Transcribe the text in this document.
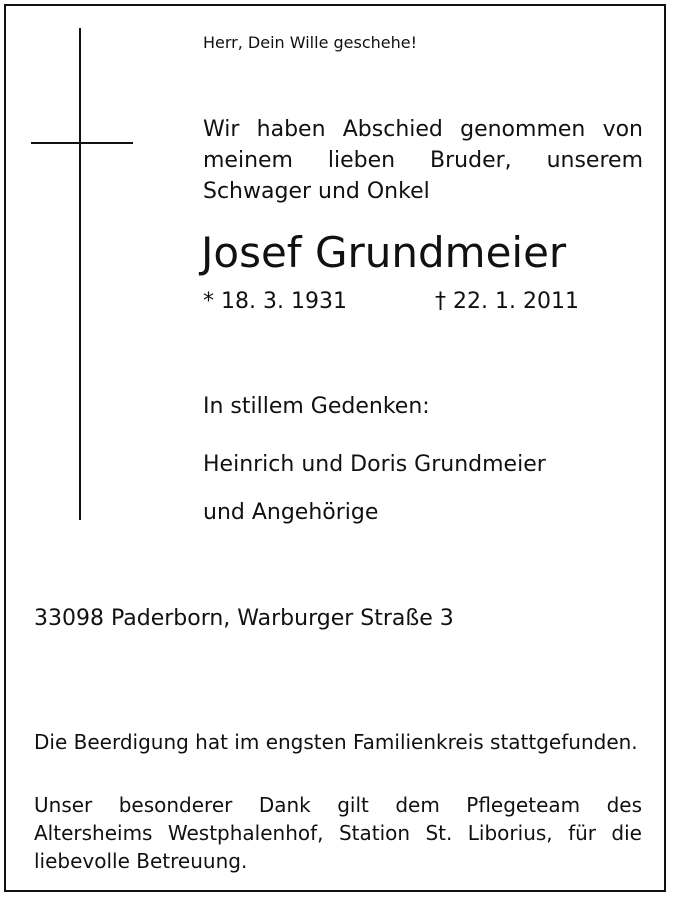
Herr, Dein Wille geschehe!

Wir haben Abschied genommen von meinem lieben Bruder, unserem Schwager und Onkel

Josef Grundmeier

* 18. 3. 1931	† 22. 1. 2011

In stillem Gedenken:

Heinrich und Doris Grundmeier

und Angehörige

33098 Paderborn, Warburger Straße 3

Die Beerdigung hat im engsten Familienkreis stattgefunden.

Unser besonderer Dank gilt dem Pflegeteam des Altersheims Westphalenhof, Station St. Liborius, für die liebevolle Betreuung.
